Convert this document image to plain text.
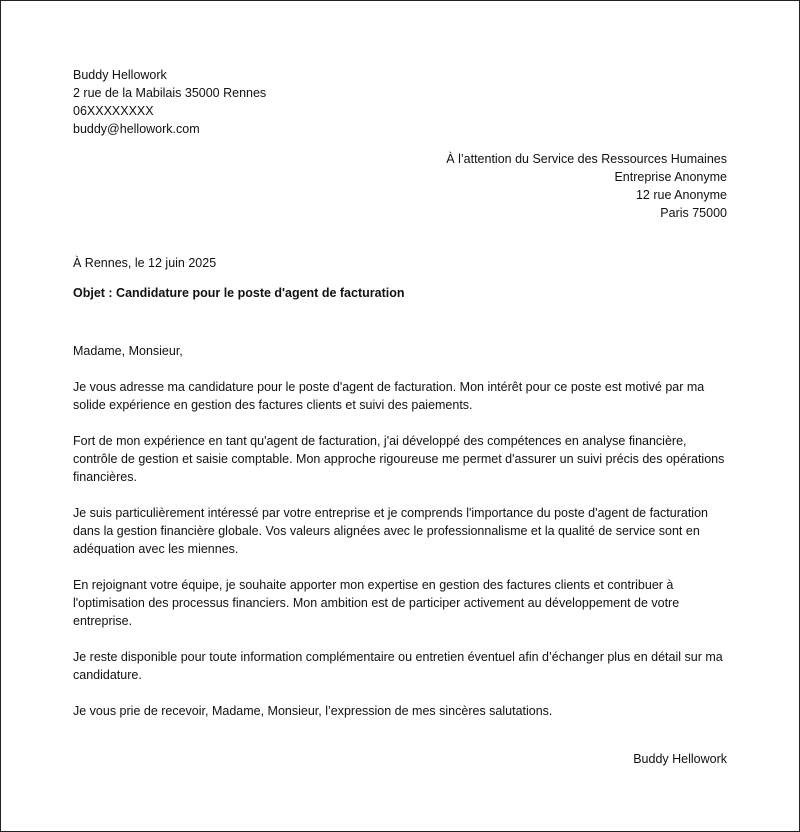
Buddy Hellowork
2 rue de la Mabilais 35000 Rennes
06XXXXXXXX
buddy@hellowork.com
À l’attention du Service des Ressources Humaines
Entreprise Anonyme
12 rue Anonyme
Paris 75000
À Rennes, le 12 juin 2025
Objet : Candidature pour le poste d'agent de facturation

Madame, Monsieur,

Je vous adresse ma candidature pour le poste d'agent de facturation. Mon intérêt pour ce poste est motivé par ma solide expérience en gestion des factures clients et suivi des paiements.

Fort de mon expérience en tant qu'agent de facturation, j'ai développé des compétences en analyse financière, contrôle de gestion et saisie comptable. Mon approche rigoureuse me permet d'assurer un suivi précis des opérations financières.

Je suis particulièrement intéressé par votre entreprise et je comprends l'importance du poste d'agent de facturation dans la gestion financière globale. Vos valeurs alignées avec le professionnalisme et la qualité de service sont en adéquation avec les miennes.

En rejoignant votre équipe, je souhaite apporter mon expertise en gestion des factures clients et contribuer à l'optimisation des processus financiers. Mon ambition est de participer activement au développement de votre entreprise.

Je reste disponible pour toute information complémentaire ou entretien éventuel afin d’échanger plus en détail sur ma candidature.

Je vous prie de recevoir, Madame, Monsieur, l’expression de mes sincères salutations.

Buddy Hellowork
